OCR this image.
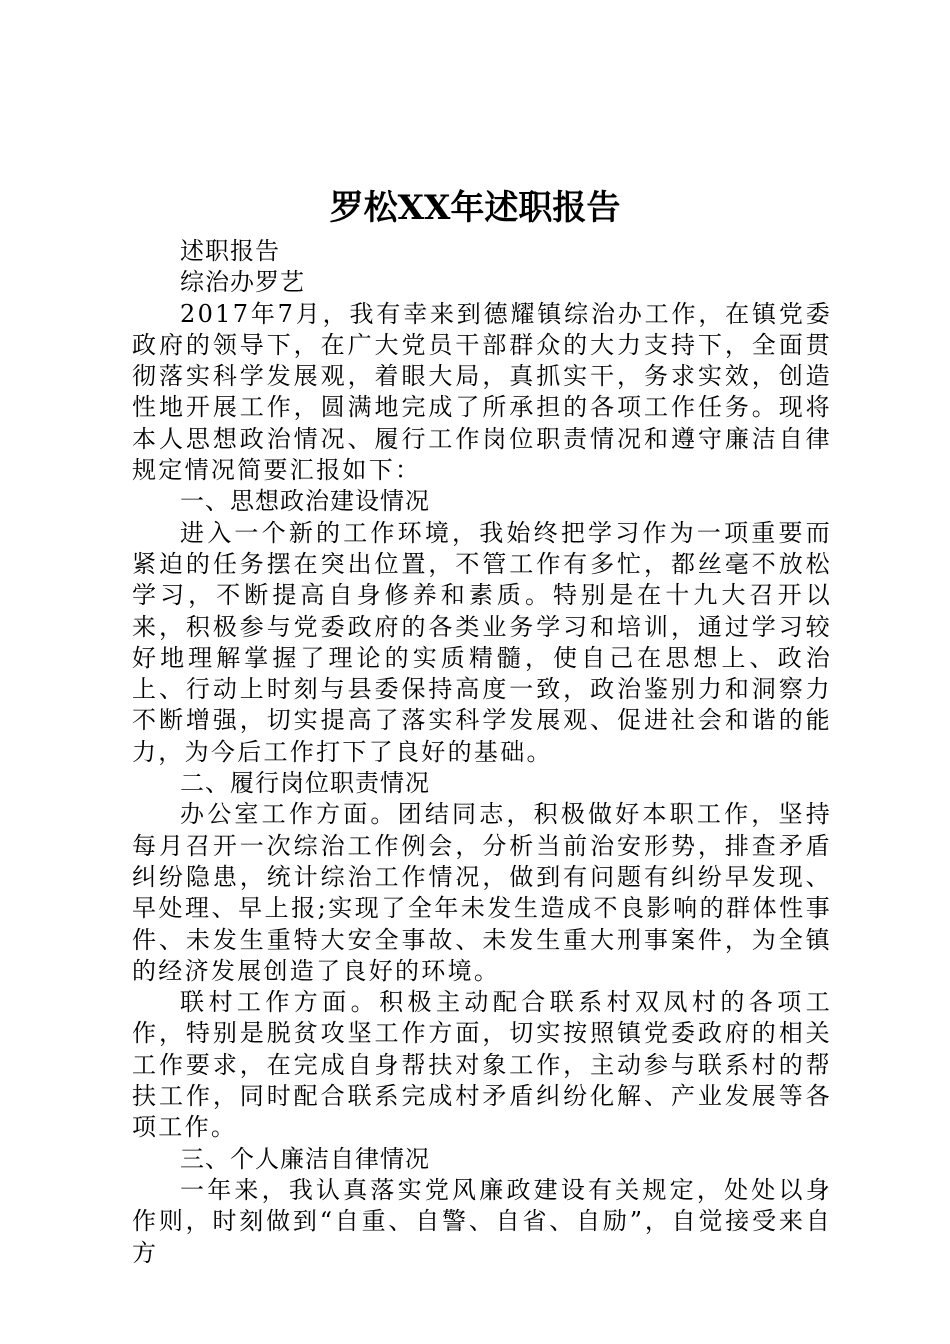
罗松XX年述职报告

述职报告

综治办罗艺

2017年7月，我有幸来到德耀镇综治办工作，在镇党委政府的领导下，在广大党员干部群众的大力支持下，全面贯彻落实科学发展观，着眼大局，真抓实干，务求实效，创造性地开展工作，圆满地完成了所承担的各项工作任务。现将本人思想政治情况、履行工作岗位职责情况和遵守廉洁自律规定情况简要汇报如下：

一、思想政治建设情况

进入一个新的工作环境，我始终把学习作为一项重要而紧迫的任务摆在突出位置，不管工作有多忙，都丝毫不放松学习，不断提高自身修养和素质。特别是在十九大召开以来，积极参与党委政府的各类业务学习和培训，通过学习较好地理解掌握了理论的实质精髓，使自己在思想上、政治上、行动上时刻与县委保持高度一致，政治鉴别力和洞察力不断增强，切实提高了落实科学发展观、促进社会和谐的能力，为今后工作打下了良好的基础。

二、履行岗位职责情况

办公室工作方面。团结同志，积极做好本职工作，坚持每月召开一次综治工作例会，分析当前治安形势，排查矛盾纠纷隐患，统计综治工作情况，做到有问题有纠纷早发现、早处理、早上报;实现了全年未发生造成不良影响的群体性事件、未发生重特大安全事故、未发生重大刑事案件，为全镇的经济发展创造了良好的环境。

联村工作方面。积极主动配合联系村双凤村的各项工作，特别是脱贫攻坚工作方面，切实按照镇党委政府的相关工作要求，在完成自身帮扶对象工作，主动参与联系村的帮扶工作，同时配合联系完成村矛盾纠纷化解、产业发展等各项工作。

三、个人廉洁自律情况

一年来，我认真落实党风廉政建设有关规定，处处以身作则，时刻做到“自重、自警、自省、自励”，自觉接受来自方
